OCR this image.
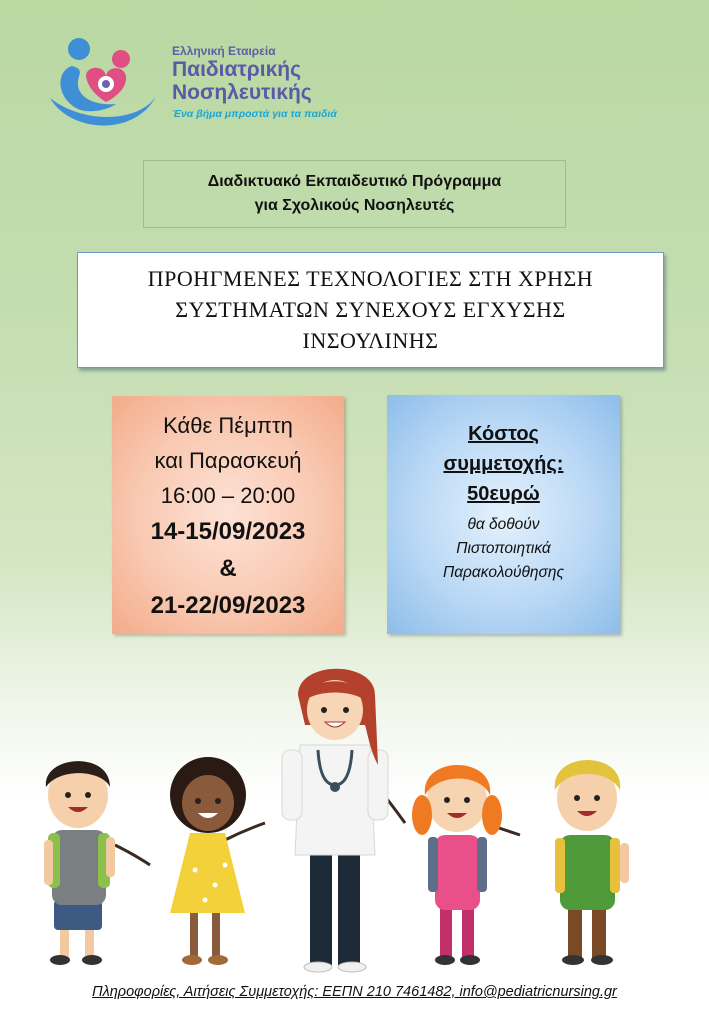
Ελληνική Εταιρεία
Παιδιατρικής
Νοσηλευτικής
Ένα βήμα μπροστά για τα παιδιά
Διαδικτυακό Εκπαιδευτικό Πρόγραμμα
για Σχολικούς Νοσηλευτές
ΠΡΟΗΓΜΕΝΕΣ ΤΕΧΝΟΛΟΓΙΕΣ ΣΤΗ ΧΡΗΣΗ
ΣΥΣΤΗΜΑΤΩΝ ΣΥΝΕΧΟΥΣ ΕΓΧΥΣΗΣ
ΙΝΣΟΥΛΙΝΗΣ
Κάθε Πέμπτη
και Παρασκευή
16:00 – 20:00
14-15/09/2023
&
21-22/09/2023
Κόστος
συμμετοχής:
50ευρώ
θα δοθούν
Πιστοποιητικά
Παρακολούθησης
Πληροφορίες, Αιτήσεις Συμμετοχής: ΕΕΠΝ 210 7461482, info@pediatricnursing.gr
